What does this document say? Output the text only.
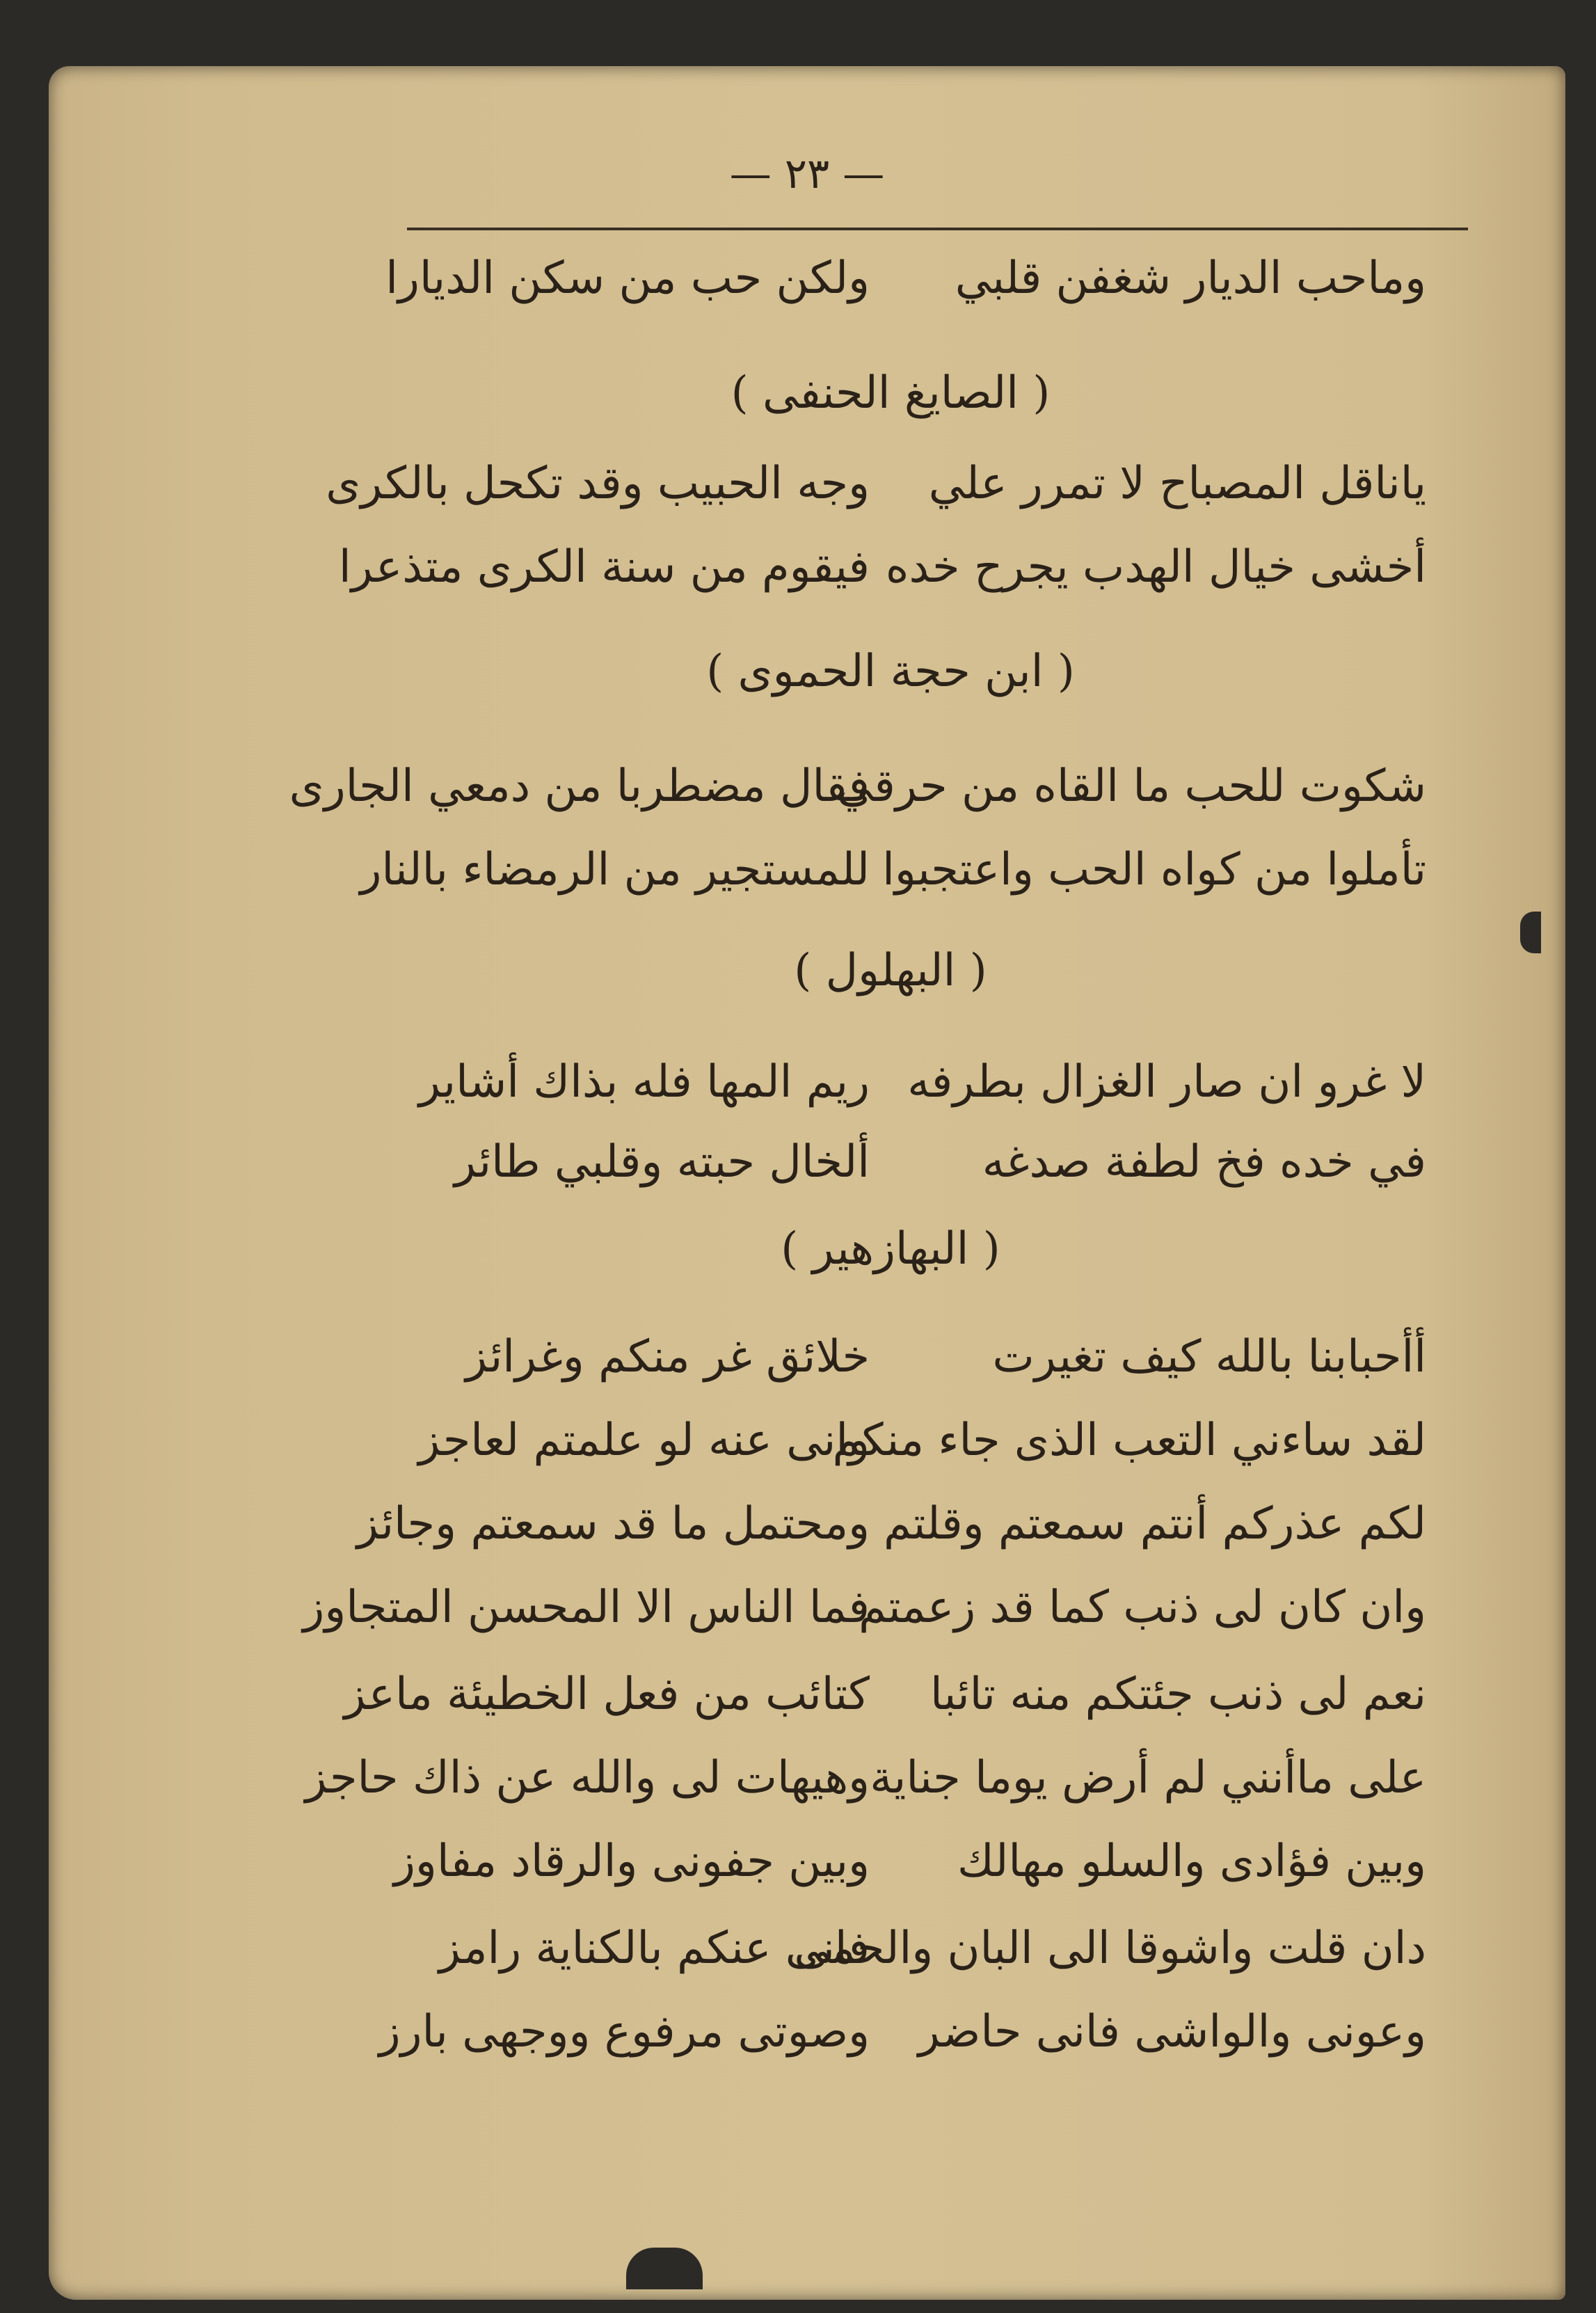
— ٢٣ —
وماحب الديار شغفن قلبي
ولكن حب من سكن الديارا
( الصايغ الحنفى )
ياناقل المصباح لا تمرر علي
وجه الحبيب وقد تكحل بالكرى
أخشى خيال الهدب يجرح خده
فيقوم من سنة الكرى متذعرا
( ابن حجة الحموى )
شكوت للحب ما القاه من حرقي
فقال مضطربا من دمعي الجارى
تأملوا من كواه الحب واعتجبوا
للمستجير من الرمضاء بالنار
( البهلول )
لا غرو ان صار الغزال بطرفه
ريم المها فله بذاك أشاير
في خده فخ لطفة صدغه
ألخال حبته وقلبي طائر
( البهازهير )
أأحبابنا بالله كيف تغيرت
خلائق غر منكم وغرائز
لقد ساءني التعب الذى جاء منكم
وانى عنه لو علمتم لعاجز
لكم عذركم أنتم سمعتم وقلتم
ومحتمل ما قد سمعتم وجائز
وان كان لى ذنب كما قد زعمتم
فما الناس الا المحسن المتجاوز
نعم لى ذنب جئتكم منه تائبا
كتائب من فعل الخطيئة ماعز
على ماأنني لم أرض يوما جناية
وهيهات لى والله عن ذاك حاجز
وبين فؤادى والسلو مهالك
وبين جفونى والرقاد مفاوز
دان قلت واشوقا الى البان والحمى
فانى عنكم بالكناية رامز
وعونى والواشى فانى حاضر
وصوتى مرفوع ووجهى بارز
